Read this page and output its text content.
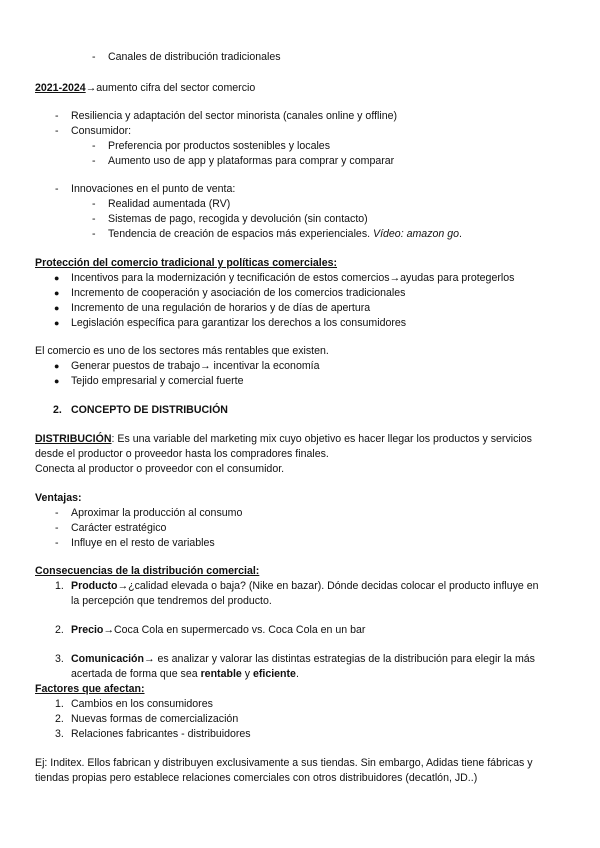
- Canales de distribución tradicionales
2021-2024→aumento cifra del sector comercio
- Resiliencia y adaptación del sector minorista (canales online y offline)
- Consumidor:
- Preferencia por productos sostenibles y locales
- Aumento uso de app y plataformas para comprar y comparar
- Innovaciones en el punto de venta:
- Realidad aumentada (RV)
- Sistemas de pago, recogida y devolución (sin contacto)
- Tendencia de creación de espacios más experienciales. Vídeo: amazon go.
Protección del comercio tradicional y políticas comerciales:
● Incentivos para la modernización y tecnificación de estos comercios→ayudas para protegerlos
● Incremento de cooperación y asociación de los comercios tradicionales
● Incremento de una regulación de horarios y de días de apertura
● Legislación específica para garantizar los derechos a los consumidores
El comercio es uno de los sectores más rentables que existen.
● Generar puestos de trabajo→ incentivar la economía
● Tejido empresarial y comercial fuerte
2. CONCEPTO DE DISTRIBUCIÓN
DISTRIBUCIÓN: Es una variable del marketing mix cuyo objetivo es hacer llegar los productos y servicios
desde el productor o proveedor hasta los compradores finales.
Conecta al productor o proveedor con el consumidor.
Ventajas:
- Aproximar la producción al consumo
- Carácter estratégico
- Influye en el resto de variables
Consecuencias de la distribución comercial:
1. Producto→¿calidad elevada o baja? (Nike en bazar). Dónde decidas colocar el producto influye en
la percepción que tendremos del producto.
2. Precio→Coca Cola en supermercado vs. Coca Cola en un bar
3. Comunicación→ es analizar y valorar las distintas estrategias de la distribución para elegir la más
acertada de forma que sea rentable y eficiente.
Factores que afectan:
1. Cambios en los consumidores
2. Nuevas formas de comercialización
3. Relaciones fabricantes - distribuidores
Ej: Inditex. Ellos fabrican y distribuyen exclusivamente a sus tiendas. Sin embargo, Adidas tiene fábricas y
tiendas propias pero establece relaciones comerciales con otros distribuidores (decatlón, JD..)
